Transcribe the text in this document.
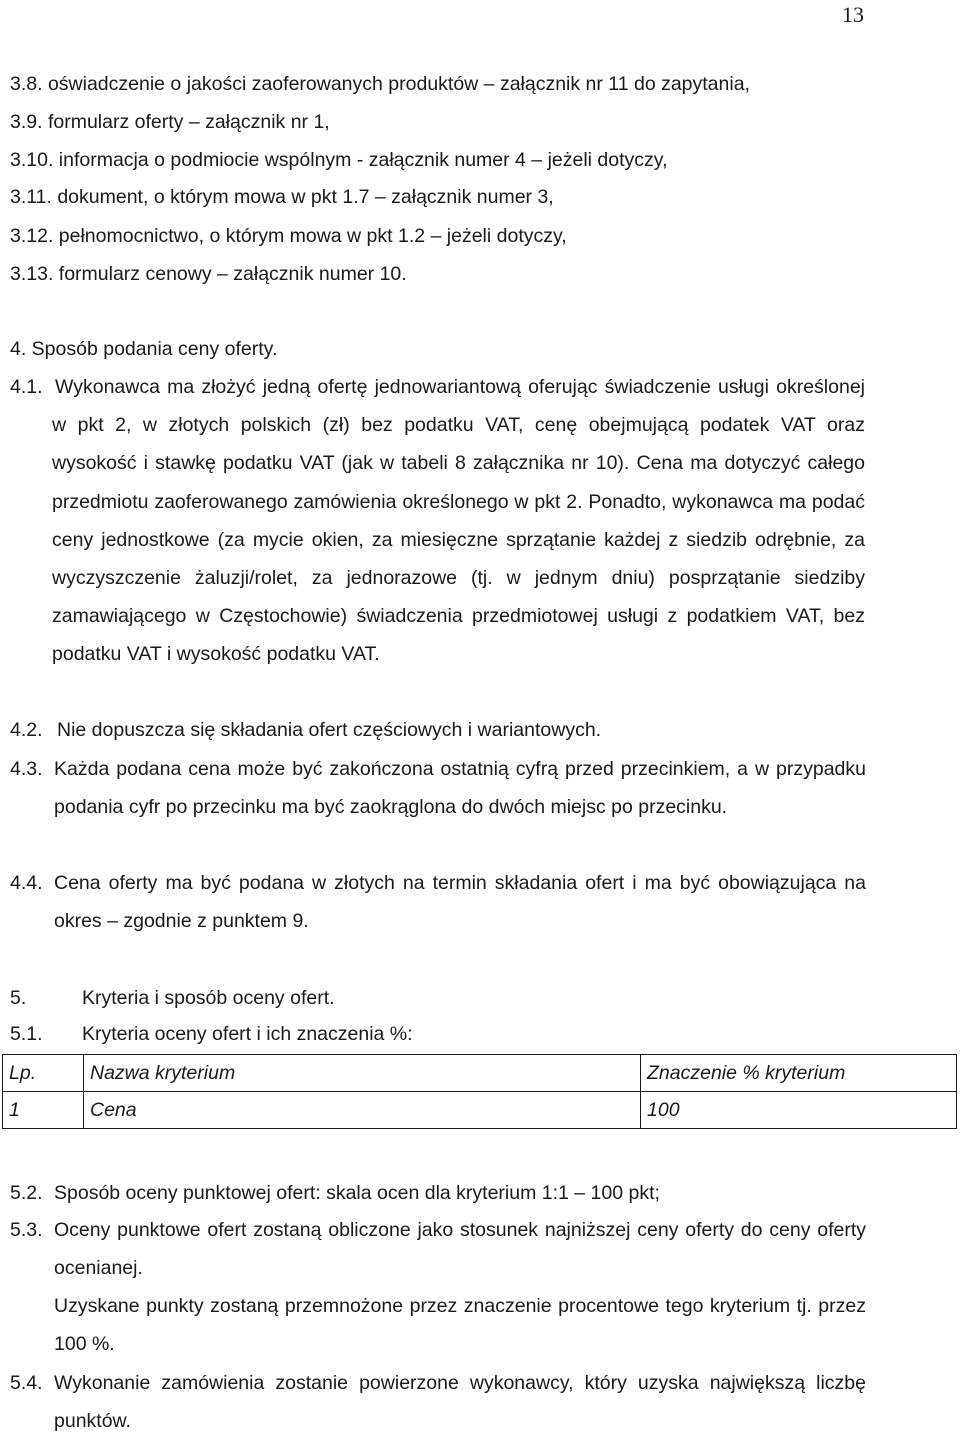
13
3.8. oświadczenie o jakości zaoferowanych produktów – załącznik nr 11 do zapytania,
3.9. formularz oferty – załącznik nr 1,
3.10. informacja o podmiocie wspólnym - załącznik numer 4 – jeżeli dotyczy,
3.11. dokument, o którym mowa w pkt 1.7 – załącznik numer 3,
3.12. pełnomocnictwo, o którym mowa w pkt 1.2 – jeżeli dotyczy,
3.13. formularz cenowy – załącznik numer 10.
4. Sposób podania ceny oferty.
4.1. Wykonawca ma złożyć jedną ofertę jednowariantową oferując świadczenie usługi określonej w pkt 2, w złotych polskich (zł) bez podatku VAT, cenę obejmującą podatek VAT oraz wysokość i stawkę podatku VAT (jak w tabeli 8 załącznika nr 10). Cena ma dotyczyć całego przedmiotu zaoferowanego zamówienia określonego w pkt 2. Ponadto, wykonawca ma podać ceny jednostkowe (za mycie okien, za miesięczne sprzątanie każdej z siedzib odrębnie, za wyczyszczenie żaluzji/rolet, za jednorazowe (tj. w jednym dniu) posprzątanie siedziby zamawiającego w Częstochowie) świadczenia przedmiotowej usługi z podatkiem VAT, bez podatku VAT i wysokość podatku VAT.
4.2. Nie dopuszcza się składania ofert częściowych i wariantowych.
4.3. Każda podana cena może być zakończona ostatnią cyfrą przed przecinkiem, a w przypadku podania cyfr po przecinku ma być zaokrąglona do dwóch miejsc po przecinku.
4.4. Cena oferty ma być podana w złotych na termin składania ofert i ma być obowiązująca na okres – zgodnie z punktem 9.
5.	Kryteria i sposób oceny ofert.
5.1. Kryteria oceny ofert i ich znaczenia %:
Lp.	Nazwa kryterium	Znaczenie % kryterium
1	Cena	100
5.2. Sposób oceny punktowej ofert: skala ocen dla kryterium 1:1 – 100 pkt;
5.3. Oceny punktowe ofert zostaną obliczone jako stosunek najniższej ceny oferty do ceny oferty ocenianej.
Uzyskane punkty zostaną przemnożone przez znaczenie procentowe tego kryterium tj. przez 100 %.
5.4. Wykonanie zamówienia zostanie powierzone wykonawcy, który uzyska największą liczbę punktów.
